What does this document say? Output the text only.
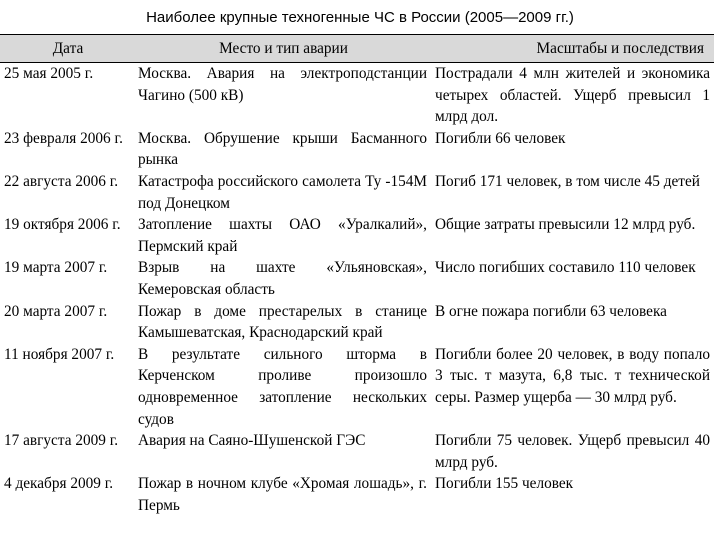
Наиболее крупные техногенные ЧС в России (2005—2009 гг.)
Дата	Место и тип аварии	Масштабы и последствия
25 мая 2005 г.	Москва. Авария на электроподстанции Чагино (500 кВ)	Пострадали 4 млн жителей и экономика четырех областей. Ущерб превысил 1 млрд дол.
23 февраля 2006 г.	Москва. Обрушение крыши Басманного рынка	Погибли 66 человек
22 августа 2006 г.	Катастрофа российского самолета Ту -154М под Донецком	Погиб 171 человек, в том числе 45 детей
19 октября 2006 г.	Затопление шахты ОАО «Уралкалий», Пермский край	Общие затраты превысили 12 млрд руб.
19 марта 2007 г.	Взрыв на шахте «Ульяновская», Кемеровская область	Число погибших составило 110 человек
20 марта 2007 г.	Пожар в доме престарелых в станице Камышеватская, Краснодарский край	В огне пожара погибли 63 человека
11 ноября 2007 г.	В результате сильного шторма в Керченском проливе произошло одновременное затопление нескольких судов	Погибли более 20 человек, в воду попало 3 тыс. т мазута, 6,8 тыс. т технической серы. Размер ущерба — 30 млрд руб.
17 августа 2009 г.	Авария на Саяно-Шушенской ГЭС	Погибли 75 человек. Ущерб превысил 40 млрд руб.
4 декабря 2009 г.	Пожар в ночном клубе «Хромая лошадь», г. Пермь	Погибли 155 человек
